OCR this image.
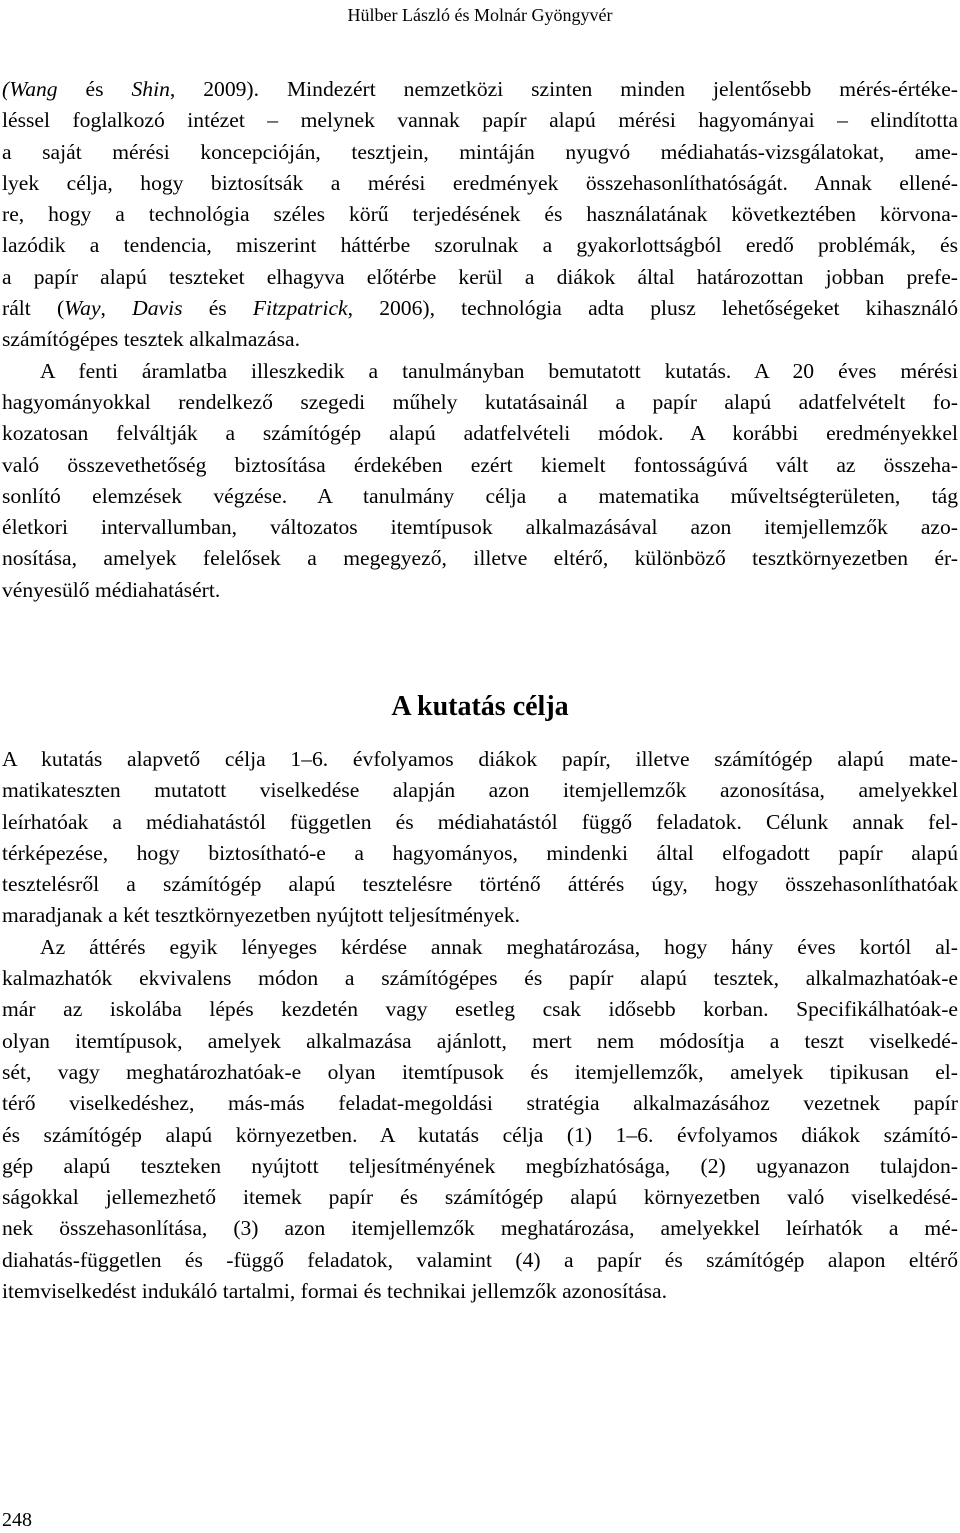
Hülber László és Molnár Gyöngyvér
(Wang és Shin, 2009). Mindezért nemzetközi szinten minden jelentősebb mérés-értéke-
léssel foglalkozó intézet – melynek vannak papír alapú mérési hagyományai – elindította
a saját mérési koncepcióján, tesztjein, mintáján nyugvó médiahatás-vizsgálatokat, ame-
lyek célja, hogy biztosítsák a mérési eredmények összehasonlíthatóságát. Annak ellené-
re, hogy a technológia széles körű terjedésének és használatának következtében körvona-
lazódik a tendencia, miszerint háttérbe szorulnak a gyakorlottságból eredő problémák, és
a papír alapú teszteket elhagyva előtérbe kerül a diákok által határozottan jobban prefe-
rált (Way, Davis és Fitzpatrick, 2006), technológia adta plusz lehetőségeket kihasználó
számítógépes tesztek alkalmazása.
A fenti áramlatba illeszkedik a tanulmányban bemutatott kutatás. A 20 éves mérési
hagyományokkal rendelkező szegedi műhely kutatásainál a papír alapú adatfelvételt fo-
kozatosan felváltják a számítógép alapú adatfelvételi módok. A korábbi eredményekkel
való összevethetőség biztosítása érdekében ezért kiemelt fontosságúvá vált az összeha-
sonlító elemzések végzése. A tanulmány célja a matematika műveltségterületen, tág
életkori intervallumban, változatos itemtípusok alkalmazásával azon itemjellemzők azo-
nosítása, amelyek felelősek a megegyező, illetve eltérő, különböző tesztkörnyezetben ér-
vényesülő médiahatásért.
A kutatás célja
A kutatás alapvető célja 1–6. évfolyamos diákok papír, illetve számítógép alapú mate-
matikateszten mutatott viselkedése alapján azon itemjellemzők azonosítása, amelyekkel
leírhatóak a médiahatástól független és médiahatástól függő feladatok. Célunk annak fel-
térképezése, hogy biztosítható-e a hagyományos, mindenki által elfogadott papír alapú
tesztelésről a számítógép alapú tesztelésre történő áttérés úgy, hogy összehasonlíthatóak
maradjanak a két tesztkörnyezetben nyújtott teljesítmények.
Az áttérés egyik lényeges kérdése annak meghatározása, hogy hány éves kortól al-
kalmazhatók ekvivalens módon a számítógépes és papír alapú tesztek, alkalmazhatóak-e
már az iskolába lépés kezdetén vagy esetleg csak idősebb korban. Specifikálhatóak-e
olyan itemtípusok, amelyek alkalmazása ajánlott, mert nem módosítja a teszt viselkedé-
sét, vagy meghatározhatóak-e olyan itemtípusok és itemjellemzők, amelyek tipikusan el-
térő viselkedéshez, más-más feladat-megoldási stratégia alkalmazásához vezetnek papír
és számítógép alapú környezetben. A kutatás célja (1) 1–6. évfolyamos diákok számító-
gép alapú teszteken nyújtott teljesítményének megbízhatósága, (2) ugyanazon tulajdon-
ságokkal jellemezhető itemek papír és számítógép alapú környezetben való viselkedésé-
nek összehasonlítása, (3) azon itemjellemzők meghatározása, amelyekkel leírhatók a mé-
diahatás-független és -függő feladatok, valamint (4) a papír és számítógép alapon eltérő
itemviselkedést indukáló tartalmi, formai és technikai jellemzők azonosítása.
248
